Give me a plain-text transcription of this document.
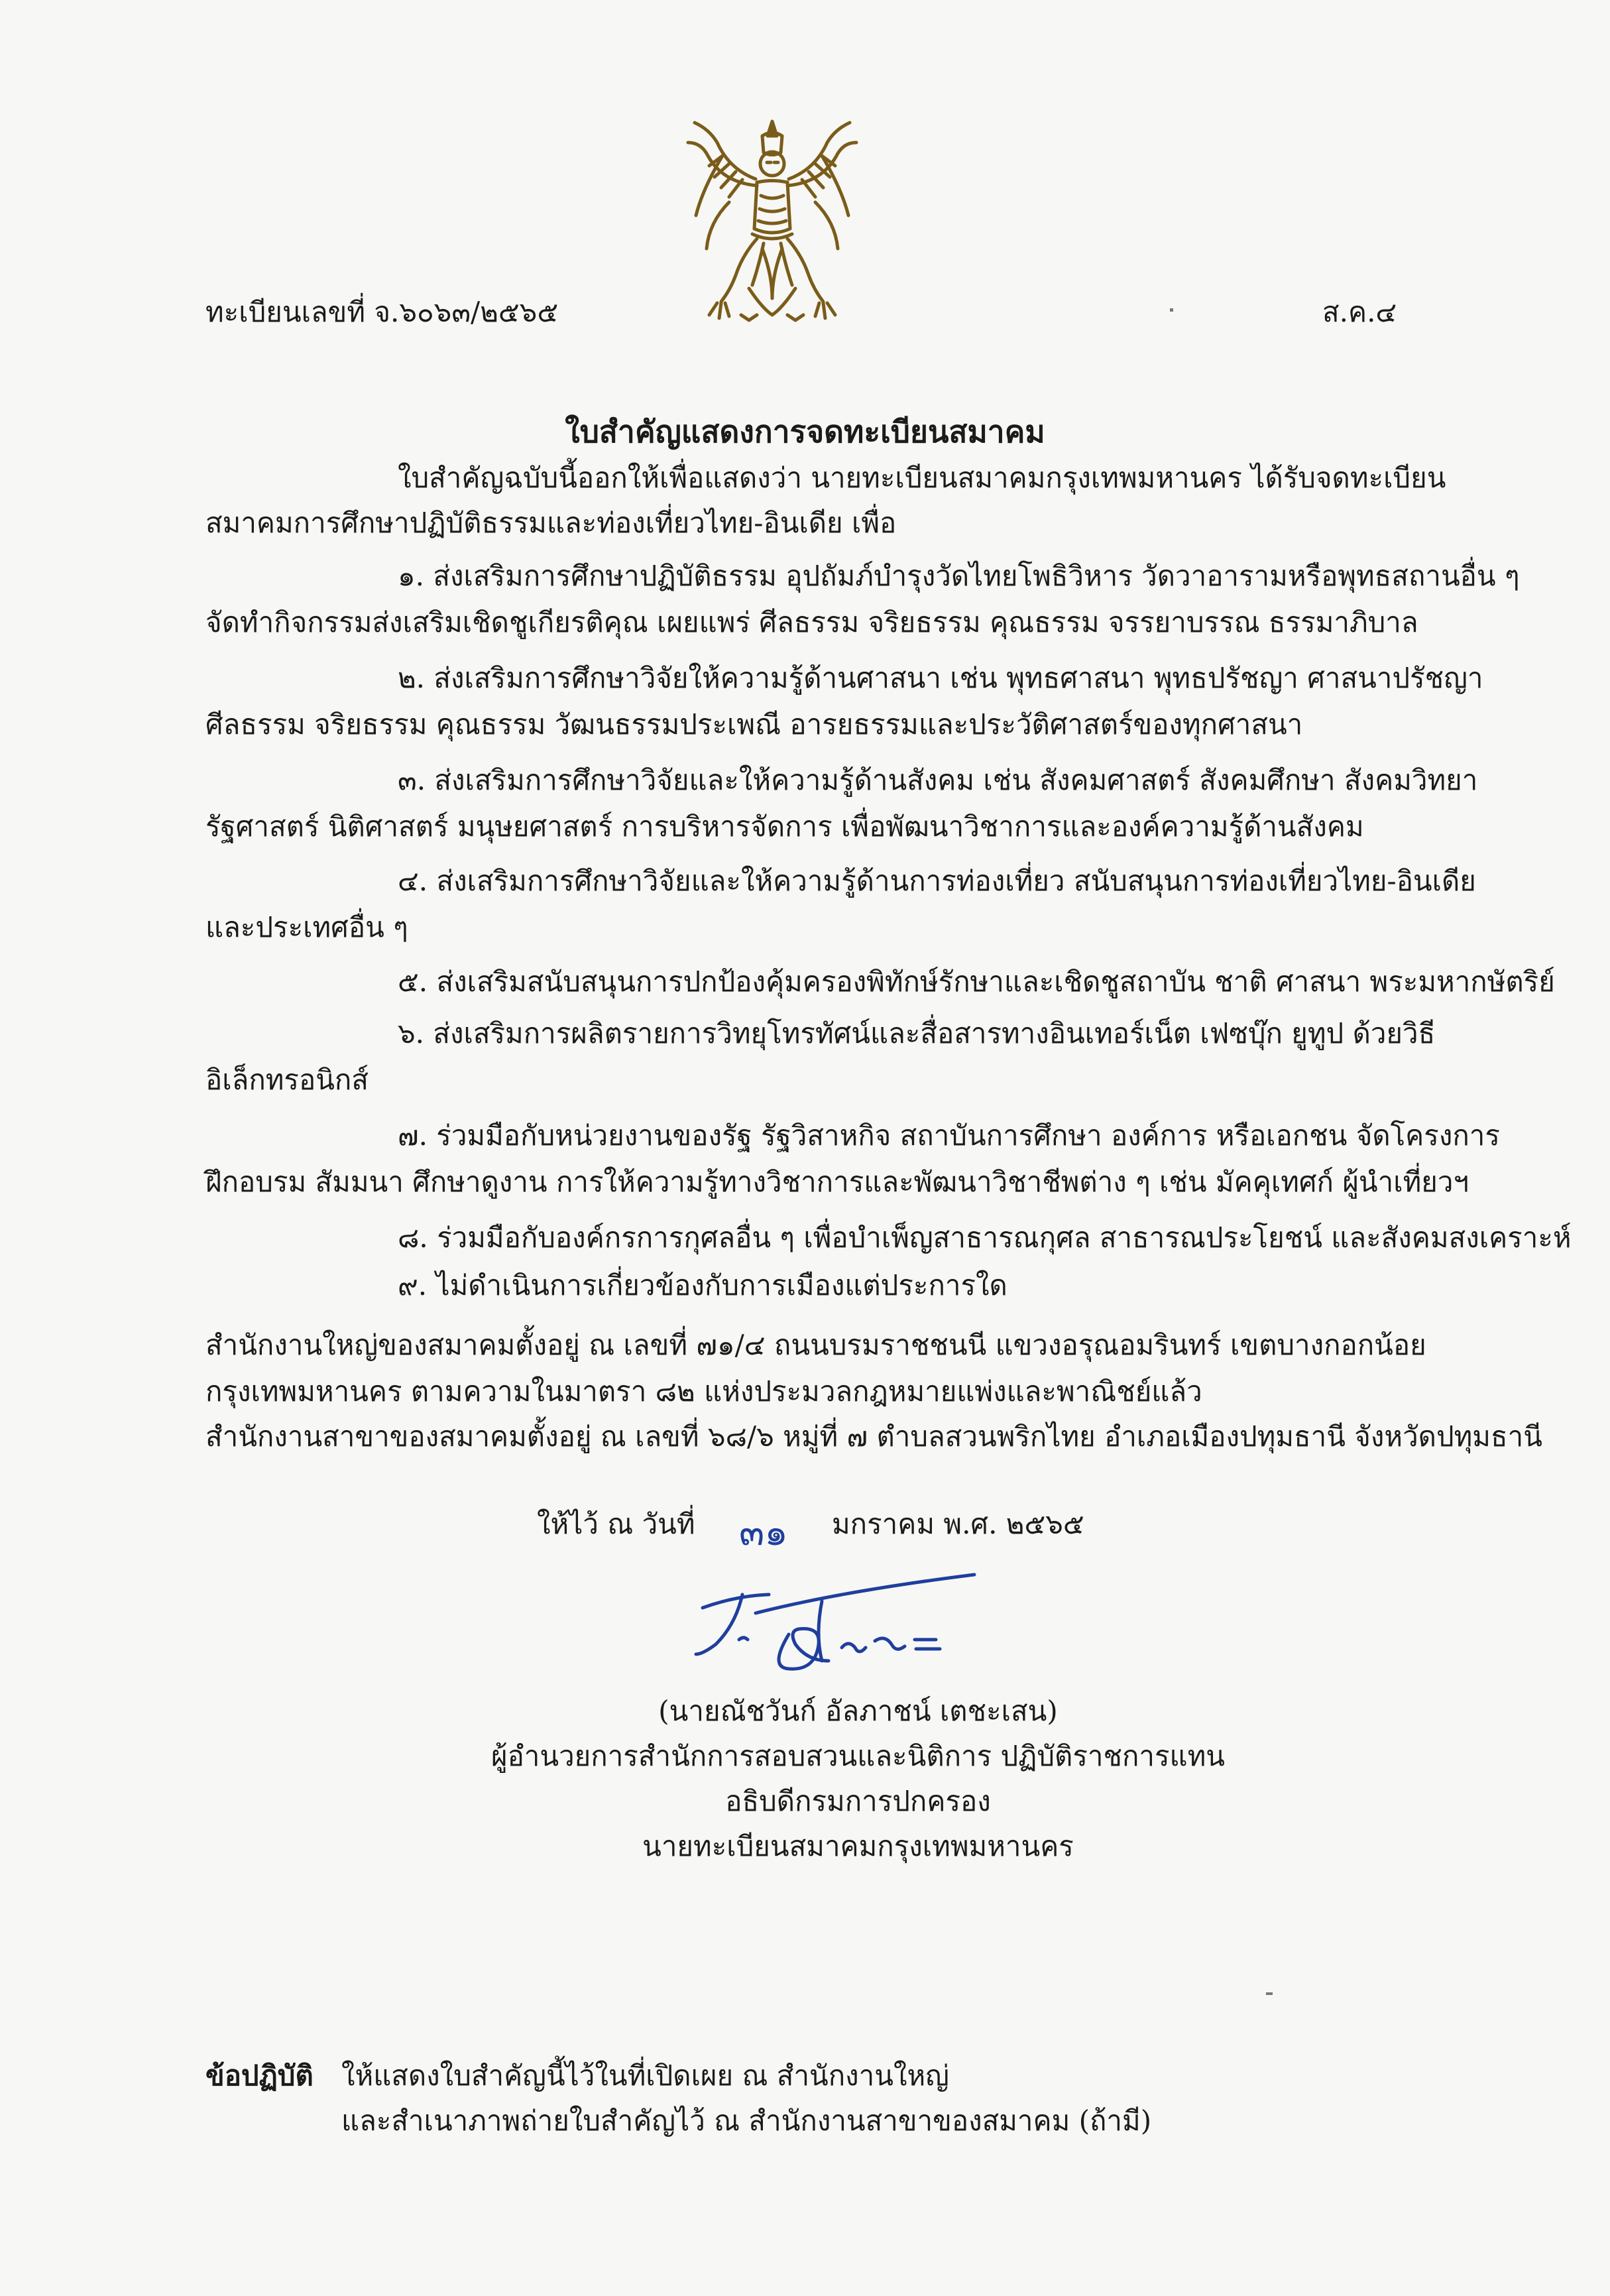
ทะเบียนเลขที่ จ.๖๐๖๓/๒๕๖๕	ส.ค.๔
ใบสำคัญแสดงการจดทะเบียนสมาคม
ใบสำคัญฉบับนี้ออกให้เพื่อแสดงว่า นายทะเบียนสมาคมกรุงเทพมหานคร ได้รับจดทะเบียน
สมาคมการศึกษาปฏิบัติธรรมและท่องเที่ยวไทย-อินเดีย เพื่อ
๑. ส่งเสริมการศึกษาปฏิบัติธรรม อุปถัมภ์บำรุงวัดไทยโพธิวิหาร วัดวาอารามหรือพุทธสถานอื่น ๆ
จัดทำกิจกรรมส่งเสริมเชิดชูเกียรติคุณ เผยแพร่ ศีลธรรม จริยธรรม คุณธรรม จรรยาบรรณ ธรรมาภิบาล
๒. ส่งเสริมการศึกษาวิจัยให้ความรู้ด้านศาสนา เช่น พุทธศาสนา พุทธปรัชญา ศาสนาปรัชญา
ศีลธรรม จริยธรรม คุณธรรม วัฒนธรรมประเพณี อารยธรรมและประวัติศาสตร์ของทุกศาสนา
๓. ส่งเสริมการศึกษาวิจัยและให้ความรู้ด้านสังคม เช่น สังคมศาสตร์ สังคมศึกษา สังคมวิทยา
รัฐศาสตร์ นิติศาสตร์ มนุษยศาสตร์ การบริหารจัดการ เพื่อพัฒนาวิชาการและองค์ความรู้ด้านสังคม
๔. ส่งเสริมการศึกษาวิจัยและให้ความรู้ด้านการท่องเที่ยว สนับสนุนการท่องเที่ยวไทย-อินเดีย
และประเทศอื่น ๆ
๕. ส่งเสริมสนับสนุนการปกป้องคุ้มครองพิทักษ์รักษาและเชิดชูสถาบัน ชาติ ศาสนา พระมหากษัตริย์
๖. ส่งเสริมการผลิตรายการวิทยุโทรทัศน์และสื่อสารทางอินเทอร์เน็ต เฟซบุ๊ก ยูทูป ด้วยวิธี
อิเล็กทรอนิกส์
๗. ร่วมมือกับหน่วยงานของรัฐ รัฐวิสาหกิจ สถาบันการศึกษา องค์การ หรือเอกชน จัดโครงการ
ฝึกอบรม สัมมนา ศึกษาดูงาน การให้ความรู้ทางวิชาการและพัฒนาวิชาชีพต่าง ๆ เช่น มัคคุเทศก์ ผู้นำเที่ยวฯ
๘. ร่วมมือกับองค์กรการกุศลอื่น ๆ เพื่อบำเพ็ญสาธารณกุศล สาธารณประโยชน์ และสังคมสงเคราะห์
๙. ไม่ดำเนินการเกี่ยวข้องกับการเมืองแต่ประการใด
สำนักงานใหญ่ของสมาคมตั้งอยู่ ณ เลขที่ ๗๑/๔ ถนนบรมราชชนนี แขวงอรุณอมรินทร์ เขตบางกอกน้อย
กรุงเทพมหานคร ตามความในมาตรา ๘๒ แห่งประมวลกฎหมายแพ่งและพาณิชย์แล้ว
สำนักงานสาขาของสมาคมตั้งอยู่ ณ เลขที่ ๖๘/๖ หมู่ที่ ๗ ตำบลสวนพริกไทย อำเภอเมืองปทุมธานี จังหวัดปทุมธานี
ให้ไว้ ณ วันที่ ๓๑ มกราคม พ.ศ. ๒๕๖๕
(นายณัชวันก์ อัลภาชน์ เตชะเสน)
ผู้อำนวยการสำนักการสอบสวนและนิติการ ปฏิบัติราชการแทน
อธิบดีกรมการปกครอง
นายทะเบียนสมาคมกรุงเทพมหานคร
ข้อปฏิบัติ ให้แสดงใบสำคัญนี้ไว้ในที่เปิดเผย ณ สำนักงานใหญ่
และสำเนาภาพถ่ายใบสำคัญไว้ ณ สำนักงานสาขาของสมาคม (ถ้ามี)
